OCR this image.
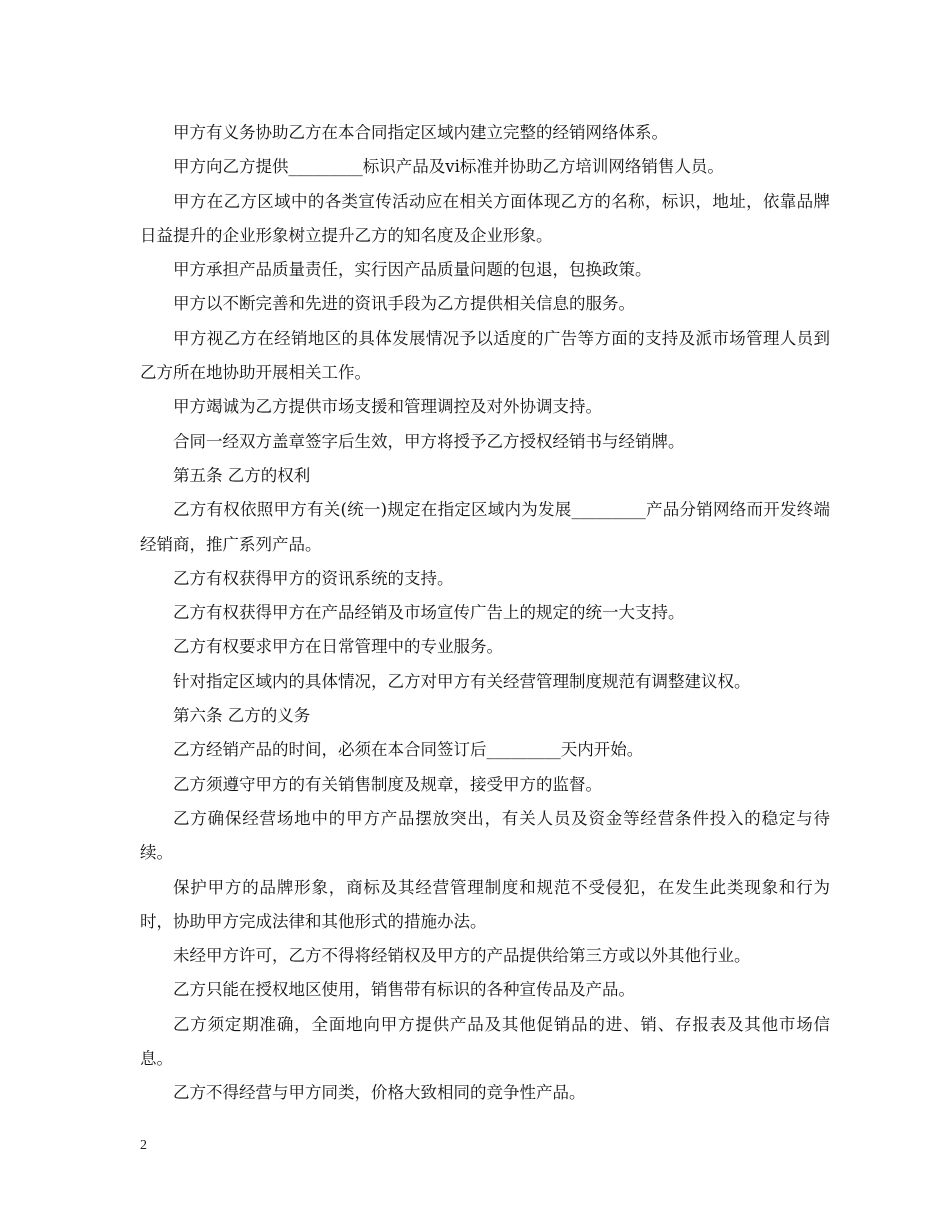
甲方有义务协助乙方在本合同指定区域内建立完整的经销网络体系。

甲方向乙方提供_________标识产品及vi标准并协助乙方培训网络销售人员。

甲方在乙方区域中的各类宣传活动应在相关方面体现乙方的名称，标识，地址，依靠品牌日益提升的企业形象树立提升乙方的知名度及企业形象。

甲方承担产品质量责任，实行因产品质量问题的包退，包换政策。

甲方以不断完善和先进的资讯手段为乙方提供相关信息的服务。

甲方视乙方在经销地区的具体发展情况予以适度的广告等方面的支持及派市场管理人员到乙方所在地协助开展相关工作。

甲方竭诚为乙方提供市场支援和管理调控及对外协调支持。

合同一经双方盖章签字后生效，甲方将授予乙方授权经销书与经销牌。

第五条 乙方的权利

乙方有权依照甲方有关(统一)规定在指定区域内为发展_________产品分销网络而开发终端经销商，推广系列产品。

乙方有权获得甲方的资讯系统的支持。

乙方有权获得甲方在产品经销及市场宣传广告上的规定的统一大支持。

乙方有权要求甲方在日常管理中的专业服务。

针对指定区域内的具体情况，乙方对甲方有关经营管理制度规范有调整建议权。

第六条 乙方的义务

乙方经销产品的时间，必须在本合同签订后_________天内开始。

乙方须遵守甲方的有关销售制度及规章，接受甲方的监督。

乙方确保经营场地中的甲方产品摆放突出，有关人员及资金等经营条件投入的稳定与待续。

保护甲方的品牌形象，商标及其经营管理制度和规范不受侵犯，在发生此类现象和行为时，协助甲方完成法律和其他形式的措施办法。

未经甲方许可，乙方不得将经销权及甲方的产品提供给第三方或以外其他行业。

乙方只能在授权地区使用，销售带有标识的各种宣传品及产品。

乙方须定期准确，全面地向甲方提供产品及其他促销品的进、销、存报表及其他市场信息。

乙方不得经营与甲方同类，价格大致相同的竞争性产品。

2
